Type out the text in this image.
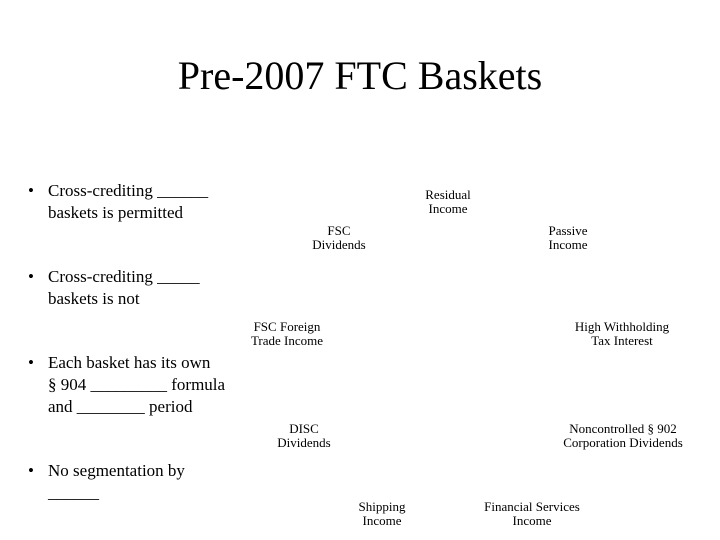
Pre-2007 FTC Baskets
• Cross-crediting ______
baskets is permitted
• Cross-crediting _____
baskets is not
• Each basket has its own
§ 904 _________ formula
and ________ period
• No segmentation by
______
Residual
Income
FSC
Dividends
Passive
Income
FSC Foreign
Trade Income
High Withholding
Tax Interest
DISC
Dividends
Noncontrolled § 902
Corporation Dividends
Shipping
Income
Financial Services
Income
